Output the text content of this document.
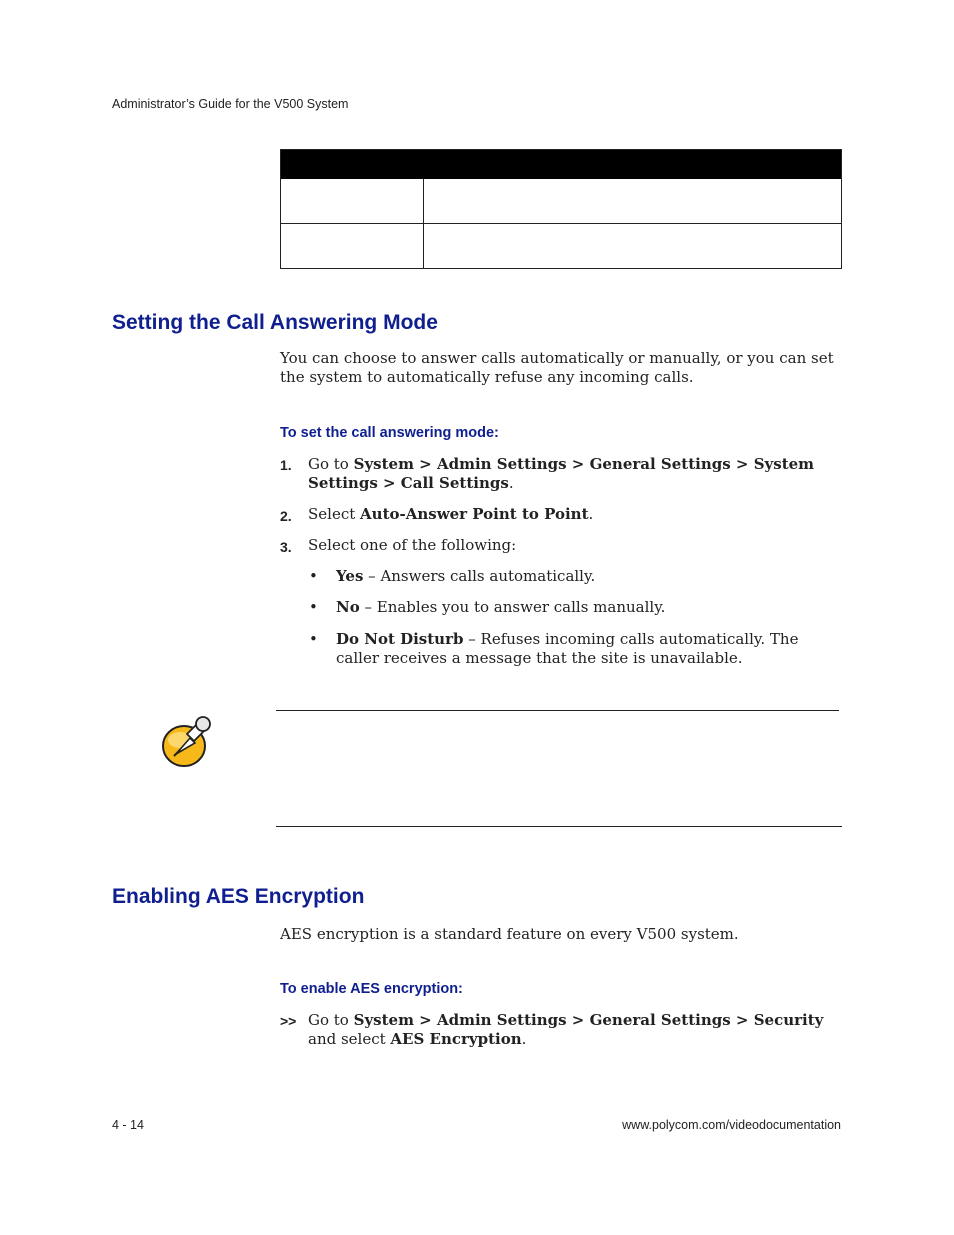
Administrator’s Guide for the V500 System
Setting the Call Answering Mode
You can choose to answer calls automatically or manually, or you can set the system to automatically refuse any incoming calls.
To set the call answering mode:
1. Go to System > Admin Settings > General Settings > System Settings > Call Settings.
2. Select Auto-Answer Point to Point.
3. Select one of the following:
• Yes – Answers calls automatically.
• No – Enables you to answer calls manually.
• Do Not Disturb – Refuses incoming calls automatically. The caller receives a message that the site is unavailable.
Enabling AES Encryption
AES encryption is a standard feature on every V500 system.
To enable AES encryption:
>> Go to System > Admin Settings > General Settings > Security and select AES Encryption.
4 - 14	www.polycom.com/videodocumentation
